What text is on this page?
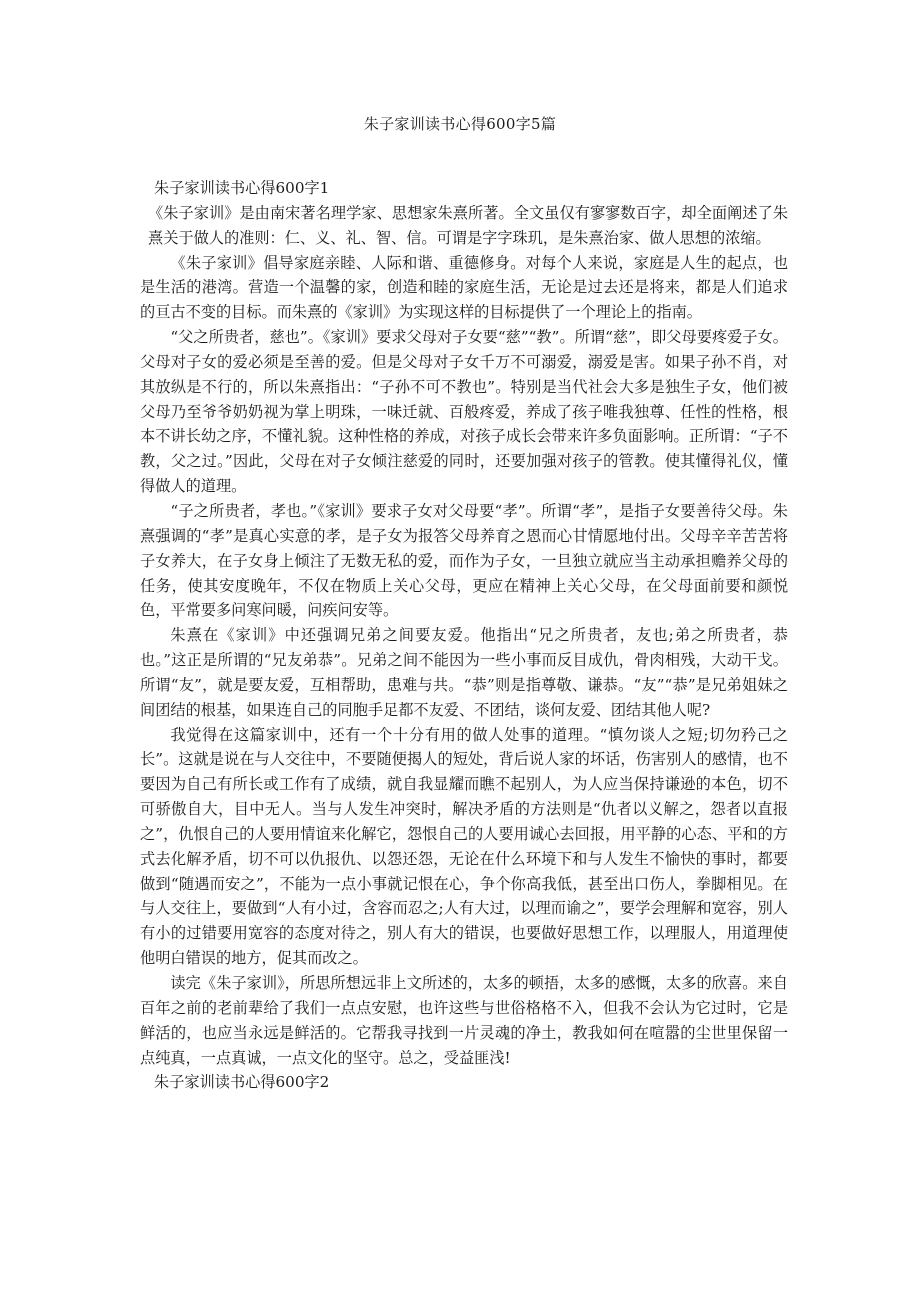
朱子家训读书心得600字5篇

朱子家训读书心得600字1

《朱子家训》是由南宋著名理学家、思想家朱熹所著。全文虽仅有寥寥数百字，却全面阐述了朱熹关于做人的准则：仁、义、礼、智、信。可谓是字字珠玑，是朱熹治家、做人思想的浓缩。

《朱子家训》倡导家庭亲睦、人际和谐、重德修身。对每个人来说，家庭是人生的起点，也是生活的港湾。营造一个温馨的家，创造和睦的家庭生活，无论是过去还是将来，都是人们追求的亘古不变的目标。而朱熹的《家训》为实现这样的目标提供了一个理论上的指南。

“父之所贵者，慈也”。《家训》要求父母对子女要“慈”“教”。所谓“慈”，即父母要疼爱子女。父母对子女的爱必须是至善的爱。但是父母对子女千万不可溺爱，溺爱是害。如果子孙不肖，对其放纵是不行的，所以朱熹指出：“子孙不可不教也”。特别是当代社会大多是独生子女，他们被父母乃至爷爷奶奶视为掌上明珠，一味迁就、百般疼爱，养成了孩子唯我独尊、任性的性格，根本不讲长幼之序，不懂礼貌。这种性格的养成，对孩子成长会带来许多负面影响。正所谓：“子不教，父之过。”因此，父母在对子女倾注慈爱的同时，还要加强对孩子的管教。使其懂得礼仪，懂得做人的道理。

“子之所贵者，孝也。”《家训》要求子女对父母要“孝”。所谓“孝”，是指子女要善待父母。朱熹强调的“孝”是真心实意的孝，是子女为报答父母养育之恩而心甘情愿地付出。父母辛辛苦苦将子女养大，在子女身上倾注了无数无私的爱，而作为子女，一旦独立就应当主动承担赡养父母的任务，使其安度晚年，不仅在物质上关心父母，更应在精神上关心父母，在父母面前要和颜悦色，平常要多问寒问暖，问疾问安等。

朱熹在《家训》中还强调兄弟之间要友爱。他指出“兄之所贵者，友也;弟之所贵者，恭也。”这正是所谓的“兄友弟恭”。兄弟之间不能因为一些小事而反目成仇，骨肉相残，大动干戈。所谓“友”，就是要友爱，互相帮助，患难与共。“恭”则是指尊敬、谦恭。“友”“恭”是兄弟姐妹之间团结的根基，如果连自己的同胞手足都不友爱、不团结，谈何友爱、团结其他人呢?

我觉得在这篇家训中，还有一个十分有用的做人处事的道理。“慎勿谈人之短;切勿矜己之长”。这就是说在与人交往中，不要随便揭人的短处，背后说人家的坏话，伤害别人的感情，也不要因为自己有所长或工作有了成绩，就自我显耀而瞧不起别人，为人应当保持谦逊的本色，切不可骄傲自大，目中无人。当与人发生冲突时，解决矛盾的方法则是“仇者以义解之，怨者以直报之”，仇恨自己的人要用情谊来化解它，怨恨自己的人要用诚心去回报，用平静的心态、平和的方式去化解矛盾，切不可以仇报仇、以怨还怨，无论在什么环境下和与人发生不愉快的事时，都要做到“随遇而安之”，不能为一点小事就记恨在心，争个你高我低，甚至出口伤人，拳脚相见。在与人交往上，要做到“人有小过，含容而忍之;人有大过，以理而谕之”，要学会理解和宽容，别人有小的过错要用宽容的态度对待之，别人有大的错误，也要做好思想工作，以理服人，用道理使他明白错误的地方，促其而改之。

读完《朱子家训》，所思所想远非上文所述的，太多的顿捂，太多的感慨，太多的欣喜。来自百年之前的老前辈给了我们一点点安慰，也许这些与世俗格格不入，但我不会认为它过时，它是鲜活的，也应当永远是鲜活的。它帮我寻找到一片灵魂的净土，教我如何在喧嚣的尘世里保留一点纯真，一点真诚，一点文化的坚守。总之，受益匪浅!

朱子家训读书心得600字2
